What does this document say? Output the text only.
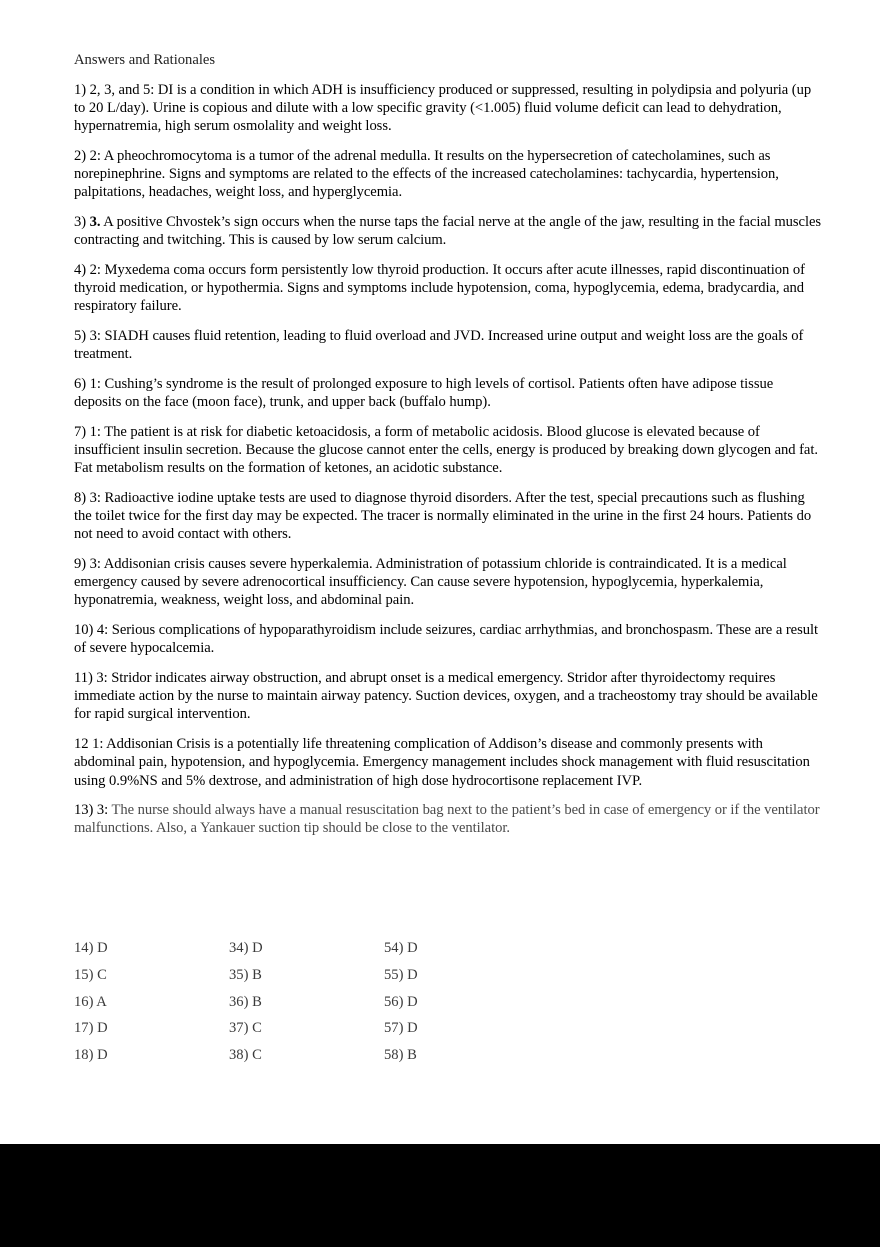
Answers and Rationales

1) 2, 3, and 5: DI is a condition in which ADH is insufficiency produced or suppressed, resulting in polydipsia and polyuria (up to 20 L/day). Urine is copious and dilute with a low specific gravity (<1.005) fluid volume deficit can lead to dehydration, hypernatremia, high serum osmolality and weight loss.

2) 2: A pheochromocytoma is a tumor of the adrenal medulla. It results on the hypersecretion of catecholamines, such as norepinephrine. Signs and symptoms are related to the effects of the increased catecholamines: tachycardia, hypertension, palpitations, headaches, weight loss, and hyperglycemia.

3) 3. A positive Chvostek’s sign occurs when the nurse taps the facial nerve at the angle of the jaw, resulting in the facial muscles contracting and twitching. This is caused by low serum calcium.

4) 2: Myxedema coma occurs form persistently low thyroid production. It occurs after acute illnesses, rapid discontinuation of thyroid medication, or hypothermia. Signs and symptoms include hypotension, coma, hypoglycemia, edema, bradycardia, and respiratory failure.

5) 3: SIADH causes fluid retention, leading to fluid overload and JVD. Increased urine output and weight loss are the goals of treatment.

6) 1: Cushing’s syndrome is the result of prolonged exposure to high levels of cortisol. Patients often have adipose tissue deposits on the face (moon face), trunk, and upper back (buffalo hump).

7) 1: The patient is at risk for diabetic ketoacidosis, a form of metabolic acidosis. Blood glucose is elevated because of insufficient insulin secretion. Because the glucose cannot enter the cells, energy is produced by breaking down glycogen and fat. Fat metabolism results on the formation of ketones, an acidotic substance.

8) 3: Radioactive iodine uptake tests are used to diagnose thyroid disorders. After the test, special precautions such as flushing the toilet twice for the first day may be expected. The tracer is normally eliminated in the urine in the first 24 hours. Patients do not need to avoid contact with others.

9) 3: Addisonian crisis causes severe hyperkalemia. Administration of potassium chloride is contraindicated. It is a medical emergency caused by severe adrenocortical insufficiency. Can cause severe hypotension, hypoglycemia, hyperkalemia, hyponatremia, weakness, weight loss, and abdominal pain.

10) 4: Serious complications of hypoparathyroidism include seizures, cardiac arrhythmias, and bronchospasm. These are a result of severe hypocalcemia.

11) 3: Stridor indicates airway obstruction, and abrupt onset is a medical emergency. Stridor after thyroidectomy requires immediate action by the nurse to maintain airway patency. Suction devices, oxygen, and a tracheostomy tray should be available for rapid surgical intervention.

12 1: Addisonian Crisis is a potentially life threatening complication of Addison’s disease and commonly presents with abdominal pain, hypotension, and hypoglycemia. Emergency management includes shock management with fluid resuscitation using 0.9%NS and 5% dextrose, and administration of high dose hydrocortisone replacement IVP.

13) 3: The nurse should always have a manual resuscitation bag next to the patient’s bed in case of emergency or if the ventilator malfunctions. Also, a Yankauer suction tip should be close to the ventilator.

14) D	34) D	54) D
15) C	35) B	55) D
16) A	36) B	56) D
17) D	37) C	57) D
18) D	38) C	58) B
